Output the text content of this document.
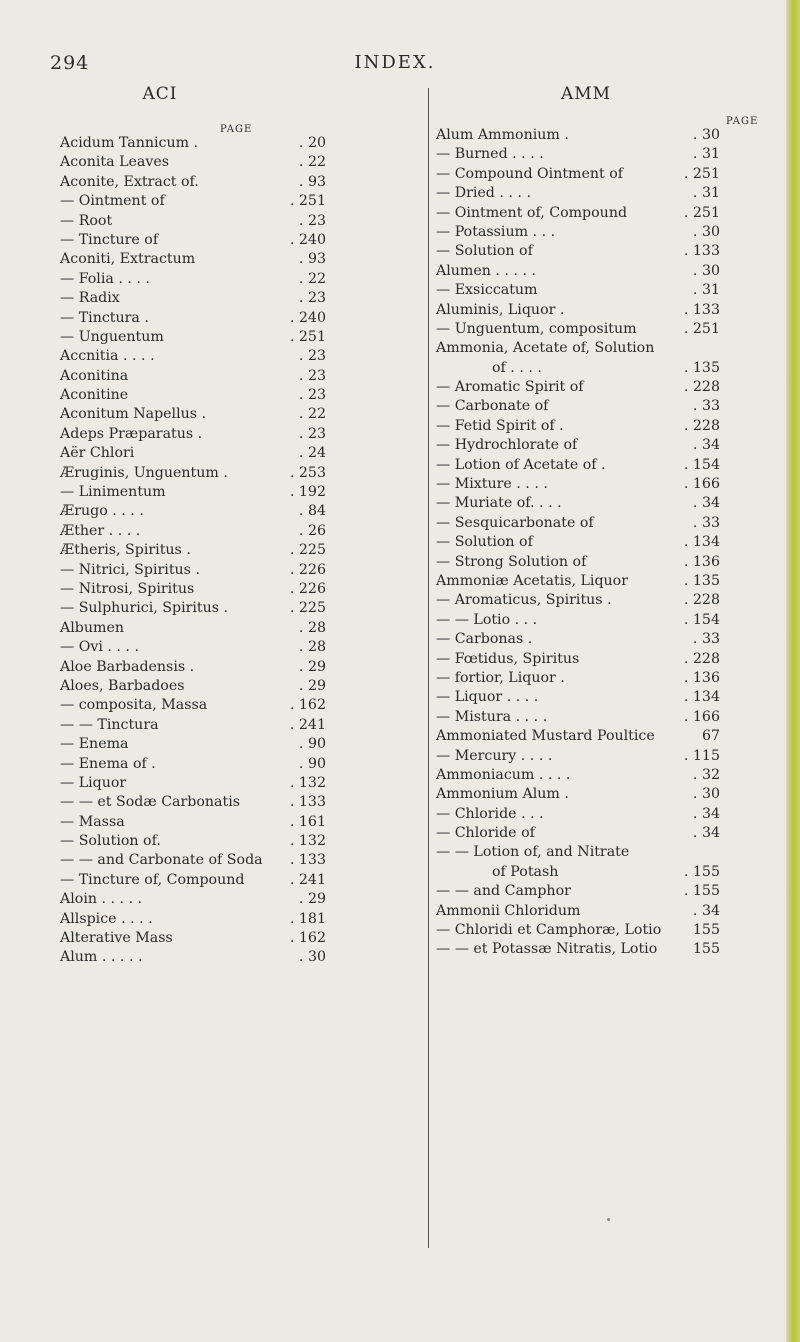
294	INDEX.
ACI
PAGE
Acidum Tannicum .	. 20
Aconita Leaves	. 22
Aconite, Extract of.	. 93
— Ointment of	. 251
— Root	. 23
— Tincture of	. 240
Aconiti, Extractum	. 93
— Folia . . . .	. 22
— Radix	. 23
— Tinctura .	. 240
— Unguentum	. 251
Accnitia . . . .	. 23
Aconitina	. 23
Aconitine	. 23
Aconitum Napellus .	. 22
Adeps Præparatus .	. 23
Aër Chlori	. 24
Æruginis, Unguentum .	. 253
— Linimentum	. 192
Ærugo . . . .	. 84
Æther . . . .	. 26
Ætheris, Spiritus .	. 225
— Nitrici, Spiritus .	. 226
— Nitrosi, Spiritus	. 226
— Sulphurici, Spiritus .	. 225
Albumen	. 28
— Ovi . . . .	. 28
Aloe Barbadensis .	. 29
Aloes, Barbadoes	. 29
— composita, Massa	. 162
— — Tinctura	. 241
— Enema	. 90
— Enema of .	. 90
— Liquor	. 132
— — et Sodæ Carbonatis	. 133
— Massa	. 161
— Solution of.	. 132
— — and Carbonate of Soda . 133
— Tincture of, Compound	. 241
Aloin . . . . .	. 29
Allspice . . . .	. 181
Alterative Mass	. 162
Alum . . . . .	. 30
AMM
PAGE
Alum Ammonium .	. 30
— Burned . . . .	. 31
— Compound Ointment of	. 251
— Dried . . . .	. 31
— Ointment of, Compound	. 251
— Potassium . . .	. 30
— Solution of	. 133
Alumen . . . . .	. 30
— Exsiccatum	. 31
Aluminis, Liquor .	. 133
— Unguentum, compositum	. 251
Ammonia, Acetate of, Solution
of . . . .	. 135
— Aromatic Spirit of	. 228
— Carbonate of	. 33
— Fetid Spirit of .	. 228
— Hydrochlorate of	. 34
— Lotion of Acetate of .	. 154
— Mixture . . . .	. 166
— Muriate of. . . .	. 34
— Sesquicarbonate of	. 33
— Solution of	. 134
— Strong Solution of	. 136
Ammoniæ Acetatis, Liquor	. 135
— Aromaticus, Spiritus .	. 228
— — Lotio . . .	. 154
— Carbonas .	. 33
— Fœtidus, Spiritus	. 228
— fortior, Liquor .	. 136
— Liquor . . . .	. 134
— Mistura . . . .	. 166
Ammoniated Mustard Poultice	67
— Mercury . . . .	. 115
Ammoniacum . . . .	. 32
Ammonium Alum .	. 30
— Chloride . . .	. 34
— Chloride of	. 34
— — Lotion of, and Nitrate
of Potash	. 155
— — and Camphor	. 155
Ammonii Chloridum	. 34
— Chloridi et Camphoræ, Lotio 155
— — et Potassæ Nitratis, Lotio	155
